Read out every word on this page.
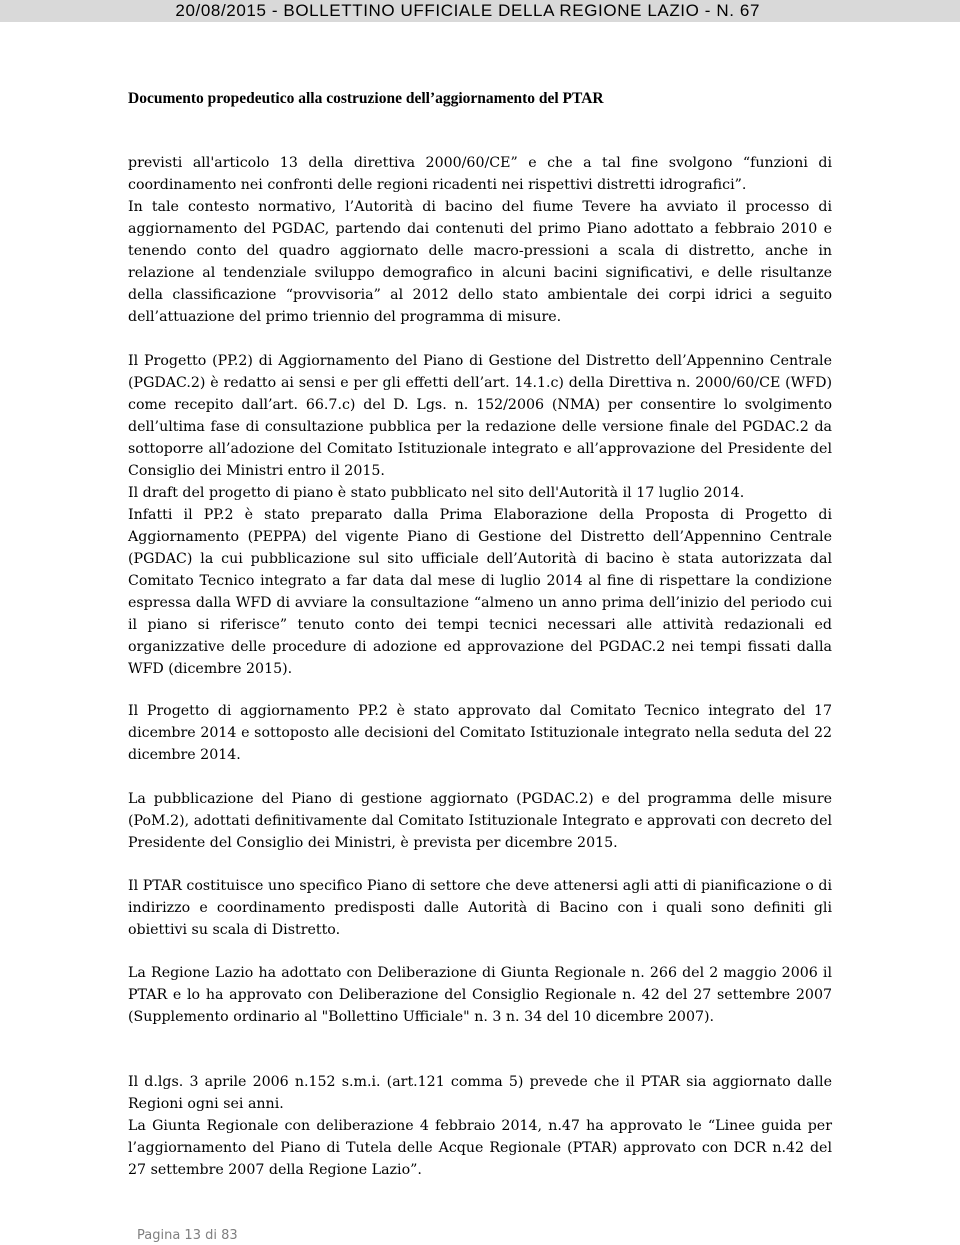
20/08/2015 - BOLLETTINO UFFICIALE DELLA REGIONE LAZIO - N. 67
Documento propedeutico alla costruzione dell’aggiornamento del PTAR

previsti all'articolo 13 della direttiva 2000/60/CE” e che a tal fine svolgono “funzioni di coordinamento nei confronti delle regioni ricadenti nei rispettivi distretti idrografici”.

In tale contesto normativo, l’Autorità di bacino del fiume Tevere ha avviato il processo di aggiornamento del PGDAC, partendo dai contenuti del primo Piano adottato a febbraio 2010 e tenendo conto del quadro aggiornato delle macro-pressioni a scala di distretto, anche in relazione al tendenziale sviluppo demografico in alcuni bacini significativi, e delle risultanze della classificazione “provvisoria” al 2012 dello stato ambientale dei corpi idrici a seguito dell’attuazione del primo triennio del programma di misure.

Il Progetto (PP.2) di Aggiornamento del Piano di Gestione del Distretto dell’Appennino Centrale (PGDAC.2) è redatto ai sensi e per gli effetti dell’art. 14.1.c) della Direttiva n. 2000/60/CE (WFD) come recepito dall’art. 66.7.c) del D. Lgs. n. 152/2006 (NMA) per consentire lo svolgimento dell’ultima fase di consultazione pubblica per la redazione delle versione finale del PGDAC.2 da sottoporre all’adozione del Comitato Istituzionale integrato e all’approvazione del Presidente del Consiglio dei Ministri entro il 2015.

Il draft del progetto di piano è stato pubblicato nel sito dell'Autorità il 17 luglio 2014.

Infatti il PP.2 è stato preparato dalla Prima Elaborazione della Proposta di Progetto di Aggiornamento (PEPPA) del vigente Piano di Gestione del Distretto dell’Appennino Centrale (PGDAC) la cui pubblicazione sul sito ufficiale dell’Autorità di bacino è stata autorizzata dal Comitato Tecnico integrato a far data dal mese di luglio 2014 al fine di rispettare la condizione espressa dalla WFD di avviare la consultazione “almeno un anno prima dell’inizio del periodo cui il piano si riferisce” tenuto conto dei tempi tecnici necessari alle attività redazionali ed organizzative delle procedure di adozione ed approvazione del PGDAC.2 nei tempi fissati dalla WFD (dicembre 2015).

Il Progetto di aggiornamento PP.2 è stato approvato dal Comitato Tecnico integrato del 17 dicembre 2014 e sottoposto alle decisioni del Comitato Istituzionale integrato nella seduta del 22 dicembre 2014.

La pubblicazione del Piano di gestione aggiornato (PGDAC.2) e del programma delle misure (PoM.2), adottati definitivamente dal Comitato Istituzionale Integrato e approvati con decreto del Presidente del Consiglio dei Ministri, è prevista per dicembre 2015.

Il PTAR costituisce uno specifico Piano di settore che deve attenersi agli atti di pianificazione o di indirizzo e coordinamento predisposti dalle Autorità di Bacino con i quali sono definiti gli obiettivi su scala di Distretto.

La Regione Lazio ha adottato con Deliberazione di Giunta Regionale n. 266 del 2 maggio 2006 il PTAR e lo ha approvato con Deliberazione del Consiglio Regionale n. 42 del 27 settembre 2007 (Supplemento ordinario al "Bollettino Ufficiale" n. 3 n. 34 del 10 dicembre 2007).

Il d.lgs. 3 aprile 2006 n.152 s.m.i. (art.121 comma 5) prevede che il PTAR sia aggiornato dalle Regioni ogni sei anni.

La Giunta Regionale con deliberazione 4 febbraio 2014, n.47 ha approvato le “Linee guida per l’aggiornamento del Piano di Tutela delle Acque Regionale (PTAR) approvato con DCR n.42 del 27 settembre 2007 della Regione Lazio”.

Pagina 13 di 83
